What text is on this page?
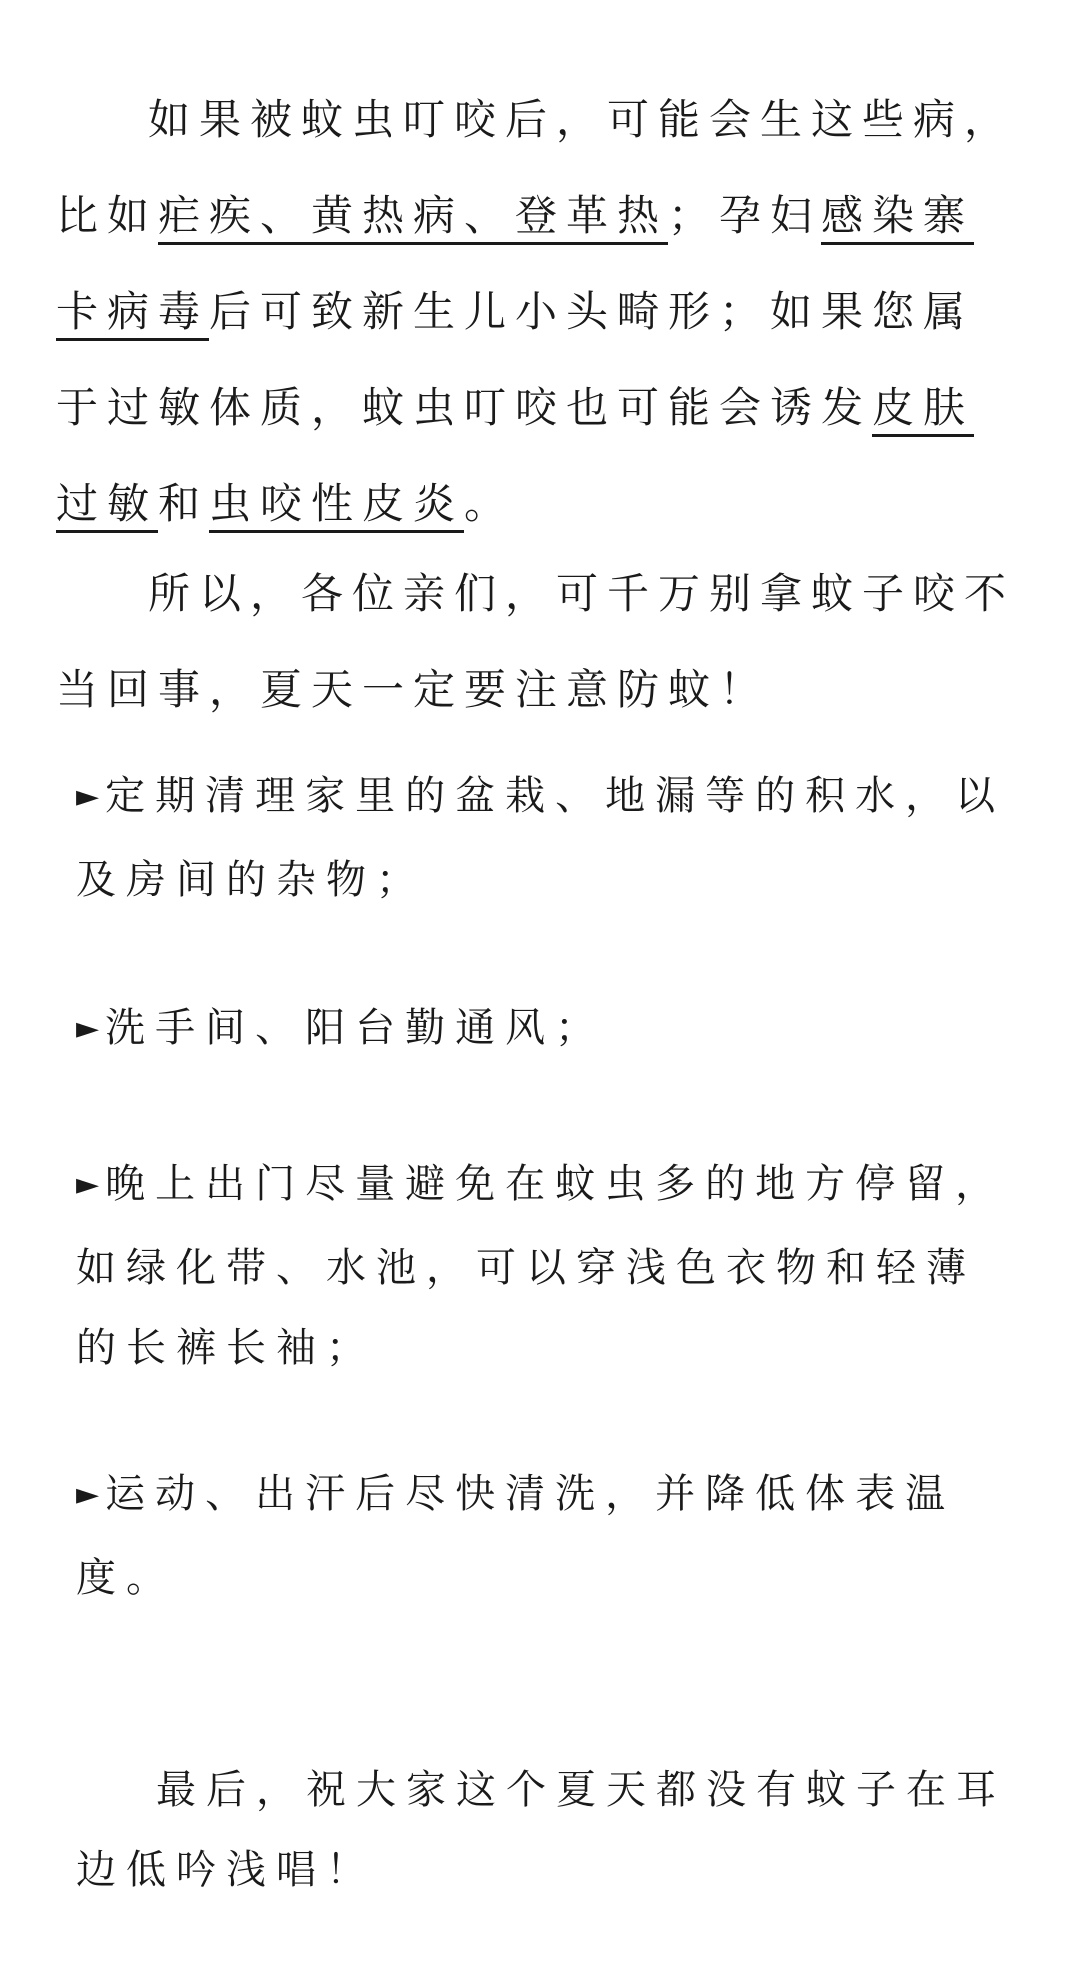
如果被蚊虫叮咬后，可能会生这些病，比如疟疾、黄热病、登革热；孕妇感染寨卡病毒后可致新生儿小头畸形；如果您属于过敏体质，蚊虫叮咬也可能会诱发皮肤过敏和虫咬性皮炎。

所以，各位亲们，可千万别拿蚊子咬不当回事，夏天一定要注意防蚊！

►定期清理家里的盆栽、地漏等的积水，以及房间的杂物；

►洗手间、阳台勤通风；

►晚上出门尽量避免在蚊虫多的地方停留，如绿化带、水池，可以穿浅色衣物和轻薄的长裤长袖；

►运动、出汗后尽快清洗，并降低体表温度。

最后，祝大家这个夏天都没有蚊子在耳边低吟浅唱！
